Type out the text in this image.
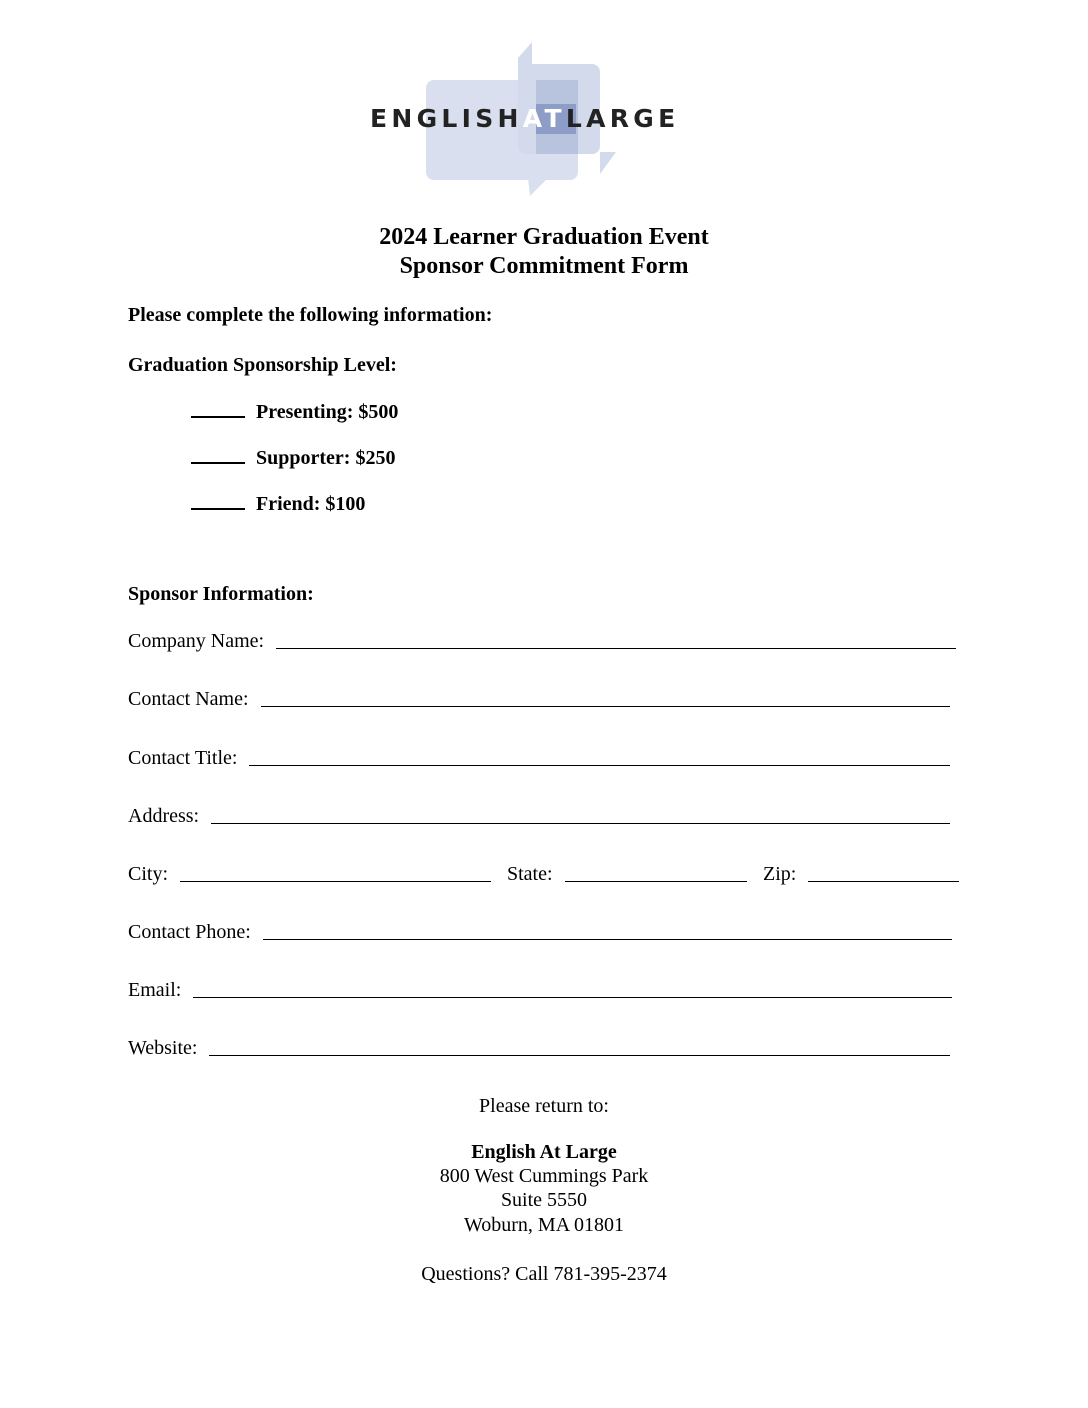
ENGLISHATLARGE
2024 Learner Graduation Event
Sponsor Commitment Form
Please complete the following information:
Graduation Sponsorship Level:
Presenting: $500
Supporter: $250
Friend: $100
Sponsor Information:
Company Name:
Contact Name:
Contact Title:
Address:
City:	State:	Zip:
Contact Phone:
Email:
Website:
Please return to:
English At Large
800 West Cummings Park
Suite 5550
Woburn, MA 01801
Questions? Call 781-395-2374
